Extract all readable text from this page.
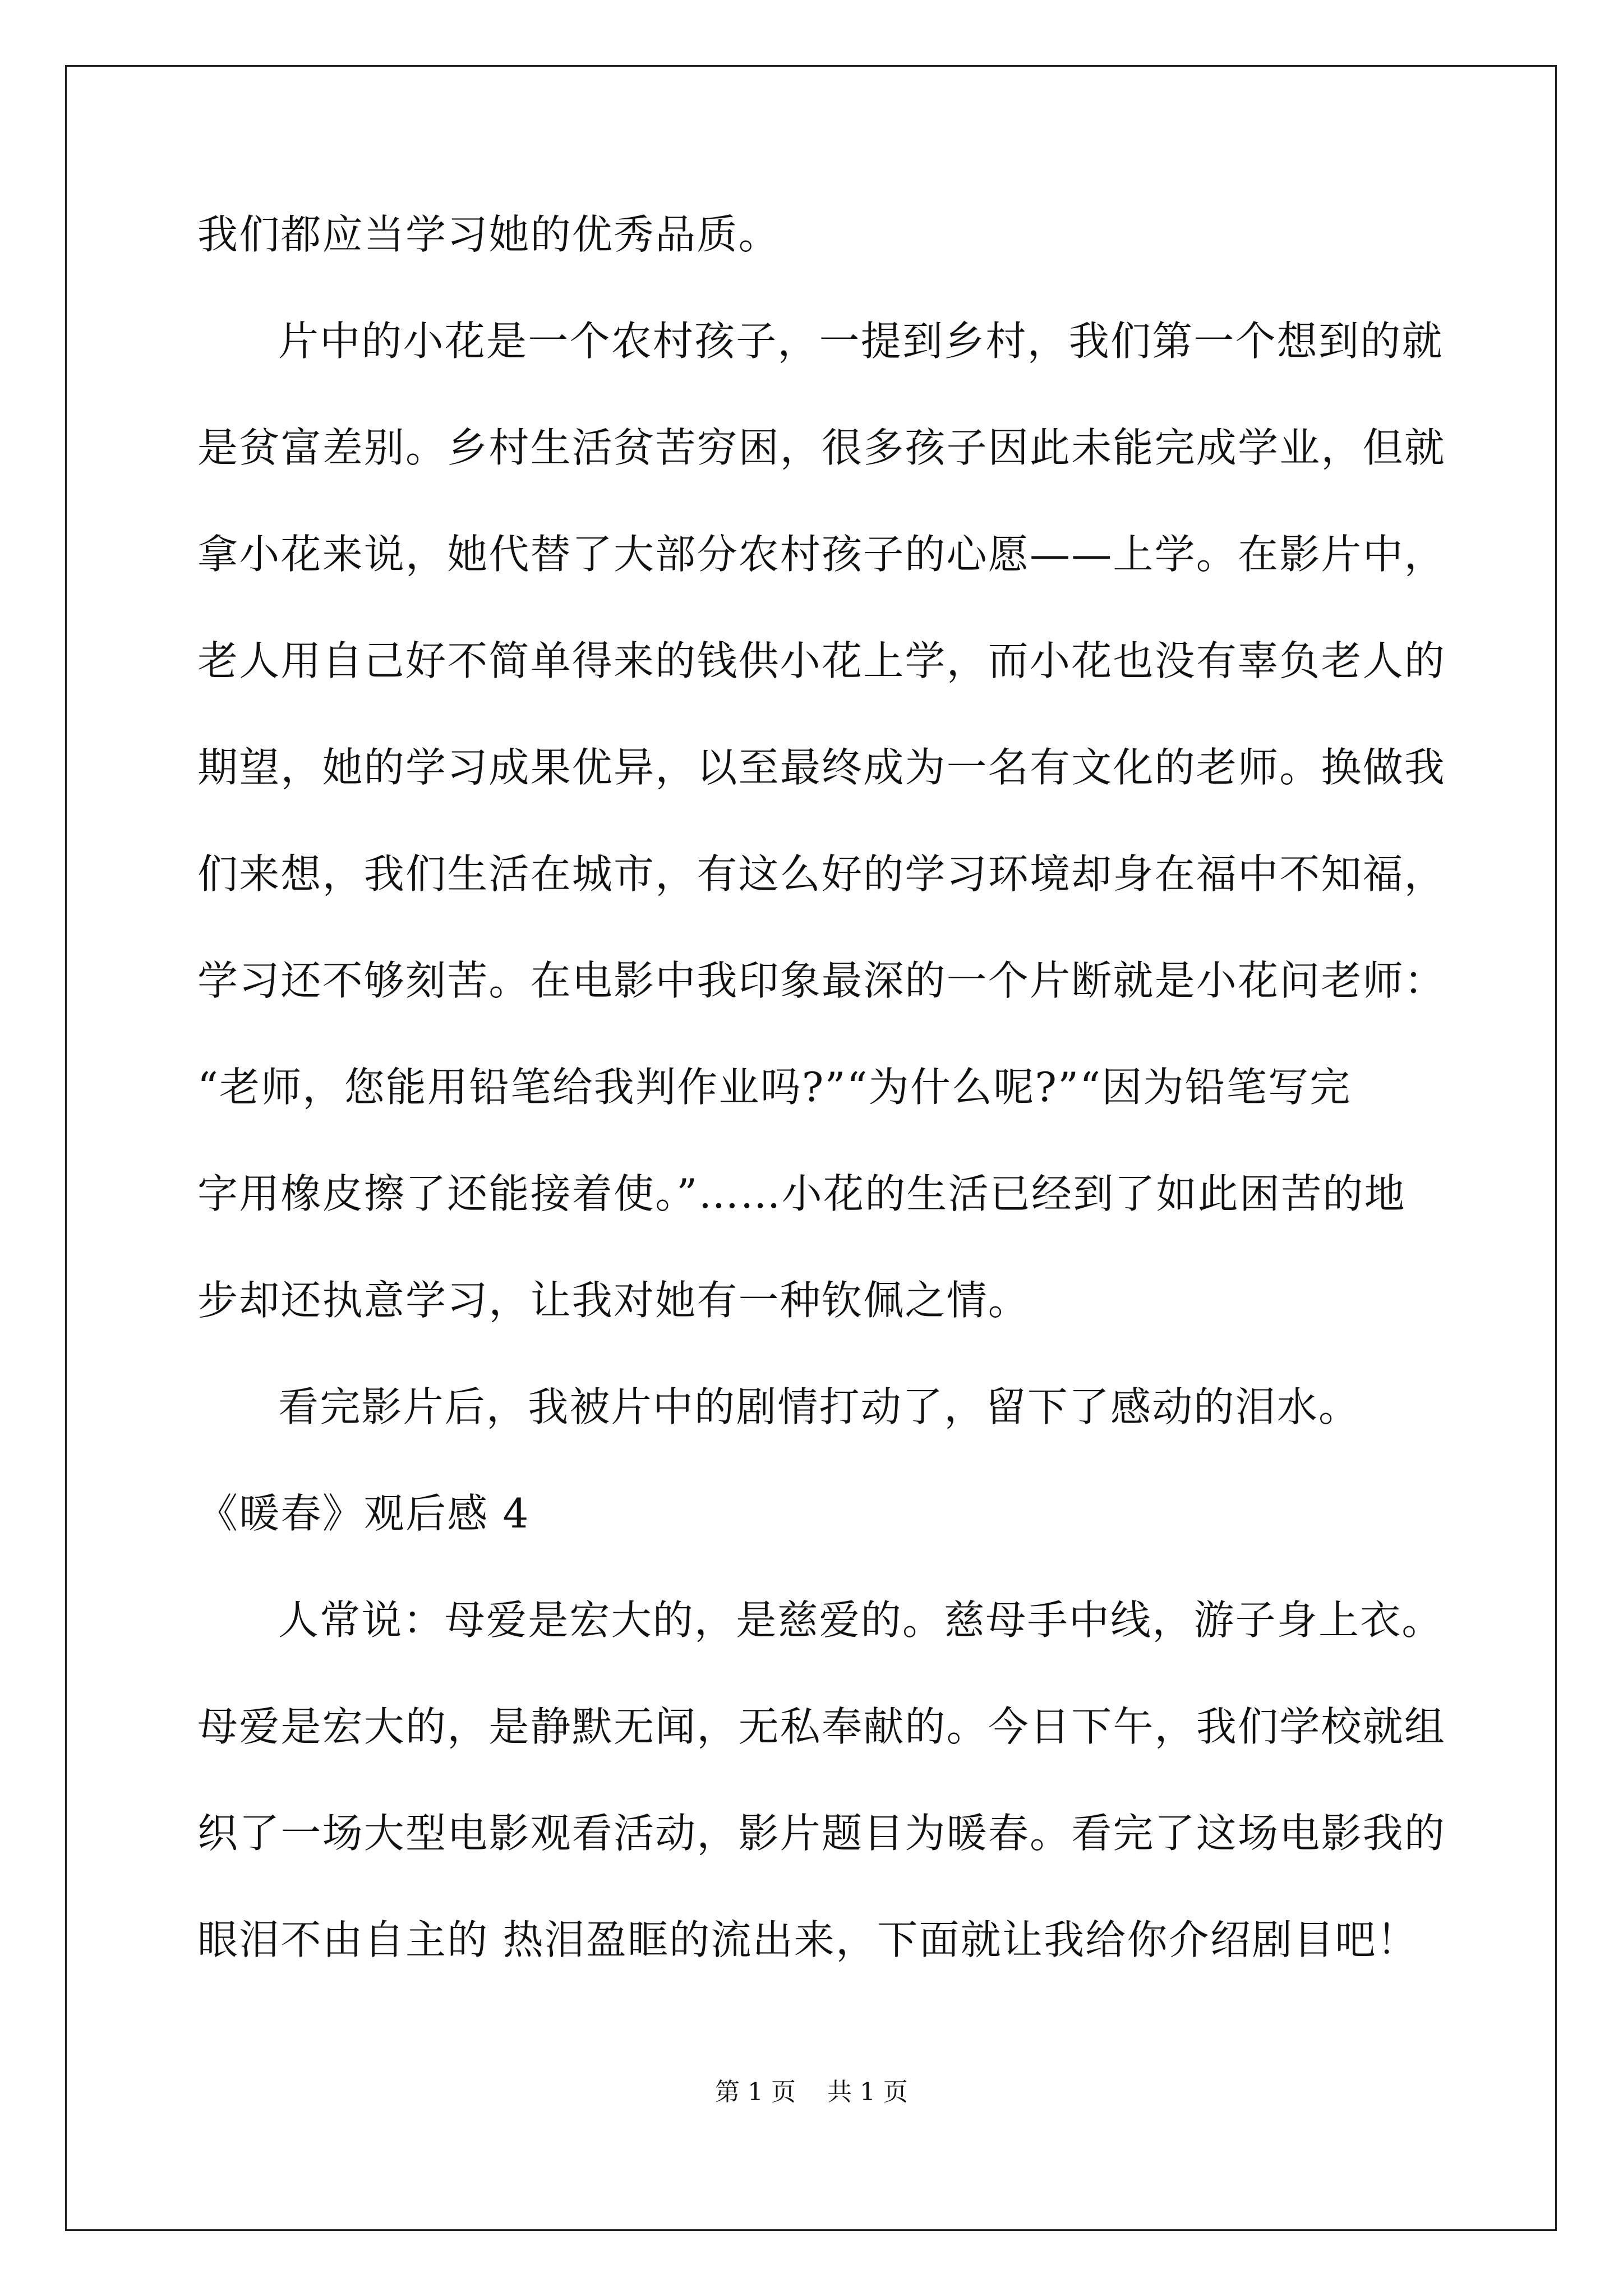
我们都应当学习她的优秀品质。
片中的小花是一个农村孩子，一提到乡村，我们第一个想到的就
是贫富差别。乡村生活贫苦穷困，很多孩子因此未能完成学业，但就
拿小花来说，她代替了大部分农村孩子的心愿——上学。在影片中，
老人用自己好不简单得来的钱供小花上学，而小花也没有辜负老人的
期望，她的学习成果优异，以至最终成为一名有文化的老师。换做我
们来想，我们生活在城市，有这么好的学习环境却身在福中不知福，
学习还不够刻苦。在电影中我印象最深的一个片断就是小花问老师：
“老师，您能用铅笔给我判作业吗?”“为什么呢?”“因为铅笔写完
字用橡皮擦了还能接着使。”……小花的生活已经到了如此困苦的地
步却还执意学习，让我对她有一种钦佩之情。
看完影片后，我被片中的剧情打动了，留下了感动的泪水。
《暖春》观后感 4
人常说：母爱是宏大的，是慈爱的。慈母手中线，游子身上衣。
母爱是宏大的，是静默无闻，无私奉献的。今日下午，我们学校就组
织了一场大型电影观看活动，影片题目为暖春。看完了这场电影我的
眼泪不由自主的 热泪盈眶的流出来，下面就让我给你介绍剧目吧！
第 1 页    共 1 页
